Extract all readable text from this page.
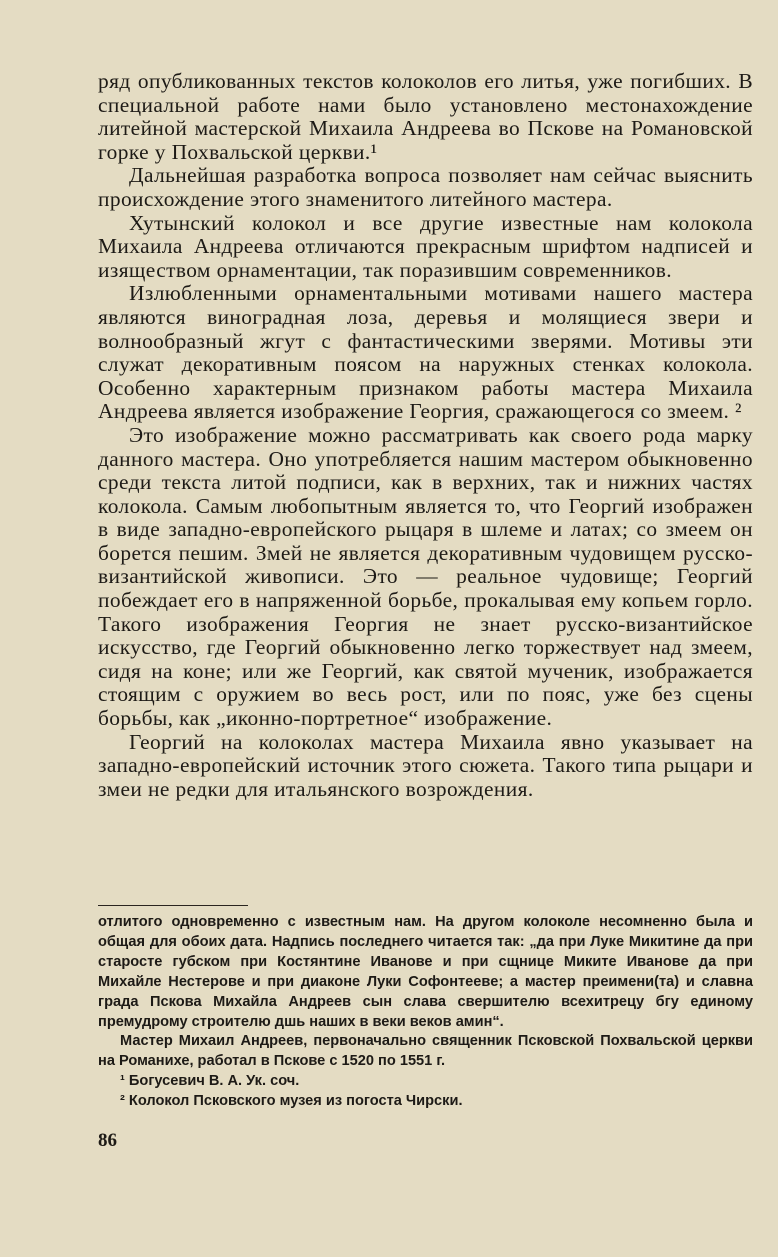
ряд опубликованных текстов колоколов его литья, уже погибших. В специальной работе нами было установлено местонахождение литейной мастерской Михаила Андреева во Пскове на Романовской горке у Похвальской церкви.¹

Дальнейшая разработка вопроса позволяет нам сейчас выяснить происхождение этого знаменитого литейного мастера.

Хутынский колокол и все другие известные нам колокола Михаила Андреева отличаются прекрасным шрифтом надписей и изяществом орнаментации, так поразившим современников.

Излюбленными орнаментальными мотивами нашего мастера являются виноградная лоза, деревья и молящиеся звери и волнообразный жгут с фантастическими зверями. Мотивы эти служат декоративным поясом на наружных стенках колокола. Особенно характерным признаком работы мастера Михаила Андреева является изображение Георгия, сражающегося со змеем. ²

Это изображение можно рассматривать как своего рода марку данного мастера. Оно употребляется нашим мастером обыкновенно среди текста литой подписи, как в верхних, так и нижних частях колокола. Самым любопытным является то, что Георгий изображен в виде западно-европейского рыцаря в шлеме и латах; со змеем он борется пешим. Змей не является декоративным чудовищем русско-византийской живописи. Это — реальное чудовище; Георгий побеждает его в напряженной борьбе, прокалывая ему копьем горло. Такого изображения Георгия не знает русско-византийское искусство, где Георгий обыкновенно легко торжествует над змеем, сидя на коне; или же Георгий, как святой мученик, изображается стоящим с оружием во весь рост, или по пояс, уже без сцены борьбы, как „иконно-портретное“ изображение.

Георгий на колоколах мастера Михаила явно указывает на западно-европейский источник этого сюжета. Такого типа рыцари и змеи не редки для итальянского возрождения.

отлитого одновременно с известным нам. На другом колоколе несомненно была и общая для обоих дата. Надпись последнего читается так: „да при Луке Микитине да при старосте губском при Костянтине Иванове и при сщнице Миките Иванове да при Михайле Нестерове и при диаконе Луки Софонтееве; а мастер преимени(та) и славна града Пскова Михайла Андреев сын слава свершителю всехитрецу бгу единому премудрому строителю дшь наших в веки веков амин“.

Мастер Михаил Андреев, первоначально священник Псковской Похвальской церкви на Романихе, работал в Пскове с 1520 по 1551 г.

¹ Богусевич В. А. Ук. соч.

² Колокол Псковского музея из погоста Чирски.

86
